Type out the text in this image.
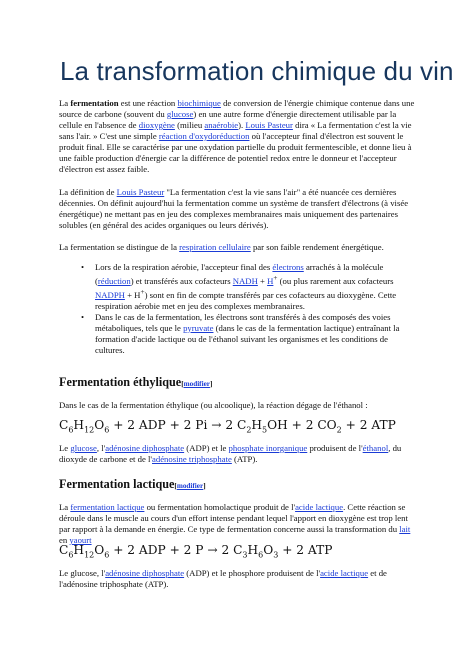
La transformation chimique du vin

La fermentation est une réaction biochimique de conversion de l'énergie chimique contenue dans une source de carbone (souvent du glucose) en une autre forme d'énergie directement utilisable par la cellule en l'absence de dioxygène (milieu anaérobie). Louis Pasteur dira « La fermentation c'est la vie sans l'air. » C'est une simple réaction d'oxydoréduction où l'accepteur final d'électron est souvent le produit final. Elle se caractérise par une oxydation partielle du produit fermentescible, et donne lieu à une faible production d'énergie car la différence de potentiel redox entre le donneur et l'accepteur d'électron est assez faible.

La définition de Louis Pasteur "La fermentation c'est la vie sans l'air" a été nuancée ces dernières décennies. On définit aujourd'hui la fermentation comme un système de transfert d'électrons (à visée énergétique) ne mettant pas en jeu des complexes membranaires mais uniquement des partenaires solubles (en général des acides organiques ou leurs dérivés).

La fermentation se distingue de la respiration cellulaire par son faible rendement énergétique.

• Lors de la respiration aérobie, l'accepteur final des électrons arrachés à la molécule (réduction) et transférés aux cofacteurs NADH + H+ (ou plus rarement aux cofacteurs NADPH + H+) sont en fin de compte transférés par ces cofacteurs au dioxygène. Cette respiration aérobie met en jeu des complexes membranaires.
• Dans le cas de la fermentation, les électrons sont transférés à des composés des voies métaboliques, tels que le pyruvate (dans le cas de la fermentation lactique) entraînant la formation d'acide lactique ou de l'éthanol suivant les organismes et les conditions de cultures.
Fermentation éthylique[modifier]

Dans le cas de la fermentation éthylique (ou alcoolique), la réaction dégage de l'éthanol :

$C_6H_{12}O_6 + 2$ ADP + 2 Pi → 2 $C_2H_5OH + 2$ $CO_2 + 2$ ATP

Le glucose, l'adénosine diphosphate (ADP) et le phosphate inorganique produisent de l'éthanol, du dioxyde de carbone et de l'adénosine triphosphate (ATP).

Fermentation lactique[modifier]

La fermentation lactique ou fermentation homolactique produit de l'acide lactique. Cette réaction se déroule dans le muscle au cours d'un effort intense pendant lequel l'apport en dioxygène est trop lent par rapport à la demande en énergie. Ce type de fermentation concerne aussi la transformation du lait en yaourt

$C_6H_{12}O_6 + 2$ ADP + 2 P → 2 $C_3H_6O_3 + 2$ ATP

Le glucose, l'adénosine diphosphate (ADP) et le phosphore produisent de l'acide lactique et de l'adénosine triphosphate (ATP).
